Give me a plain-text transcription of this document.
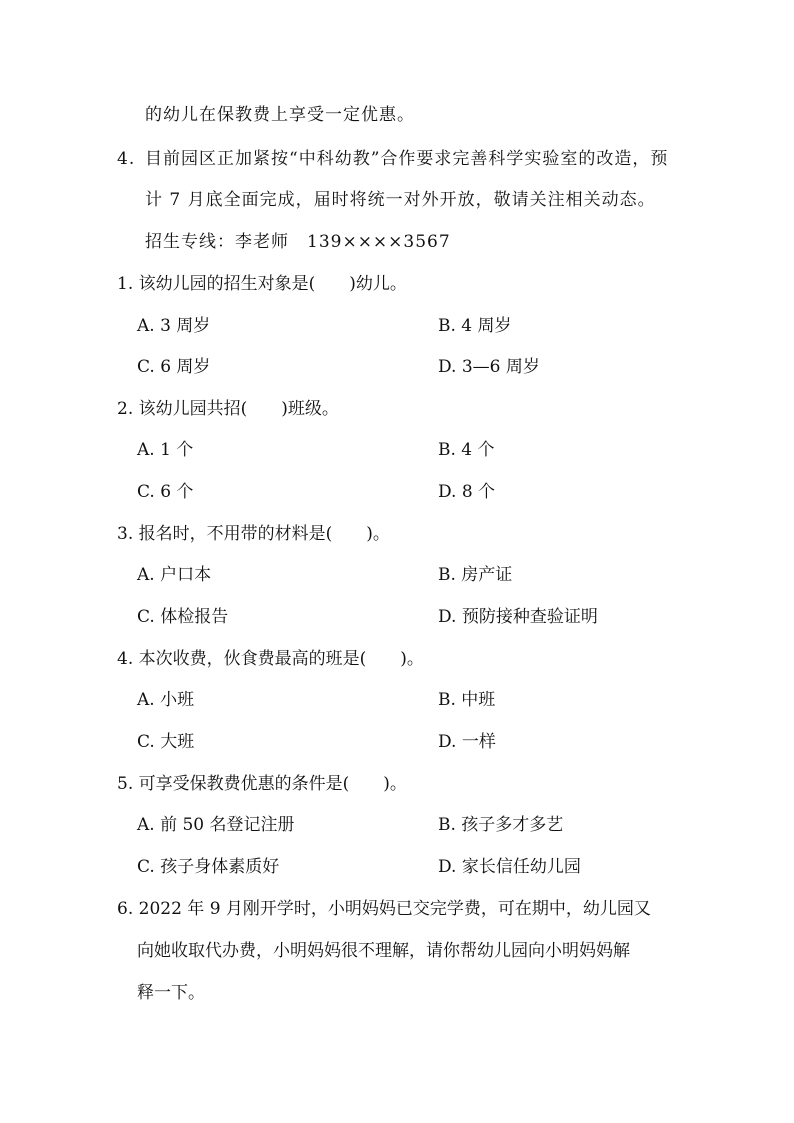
的幼儿在保教费上享受一定优惠。
4. 目前园区正加紧按“中科幼教”合作要求完善科学实验室的改造，预
计 7 月底全面完成，届时将统一对外开放，敬请关注相关动态。
招生专线：李老师　139××××3567
1. 该幼儿园的招生对象是(　　)幼儿。
A. 3 周岁	B. 4 周岁
C. 6 周岁	D. 3—6 周岁
2. 该幼儿园共招(　　)班级。
A. 1 个	B. 4 个
C. 6 个	D. 8 个
3. 报名时，不用带的材料是(　　)。
A. 户口本	B. 房产证
C. 体检报告	D. 预防接种查验证明
4. 本次收费，伙食费最高的班是(　　)。
A. 小班	B. 中班
C. 大班	D. 一样
5. 可享受保教费优惠的条件是(　　)。
A. 前 50 名登记注册	B. 孩子多才多艺
C. 孩子身体素质好	D. 家长信任幼儿园
6. 2022 年 9 月刚开学时，小明妈妈已交完学费，可在期中，幼儿园又
向她收取代办费，小明妈妈很不理解，请你帮幼儿园向小明妈妈解
释一下。
